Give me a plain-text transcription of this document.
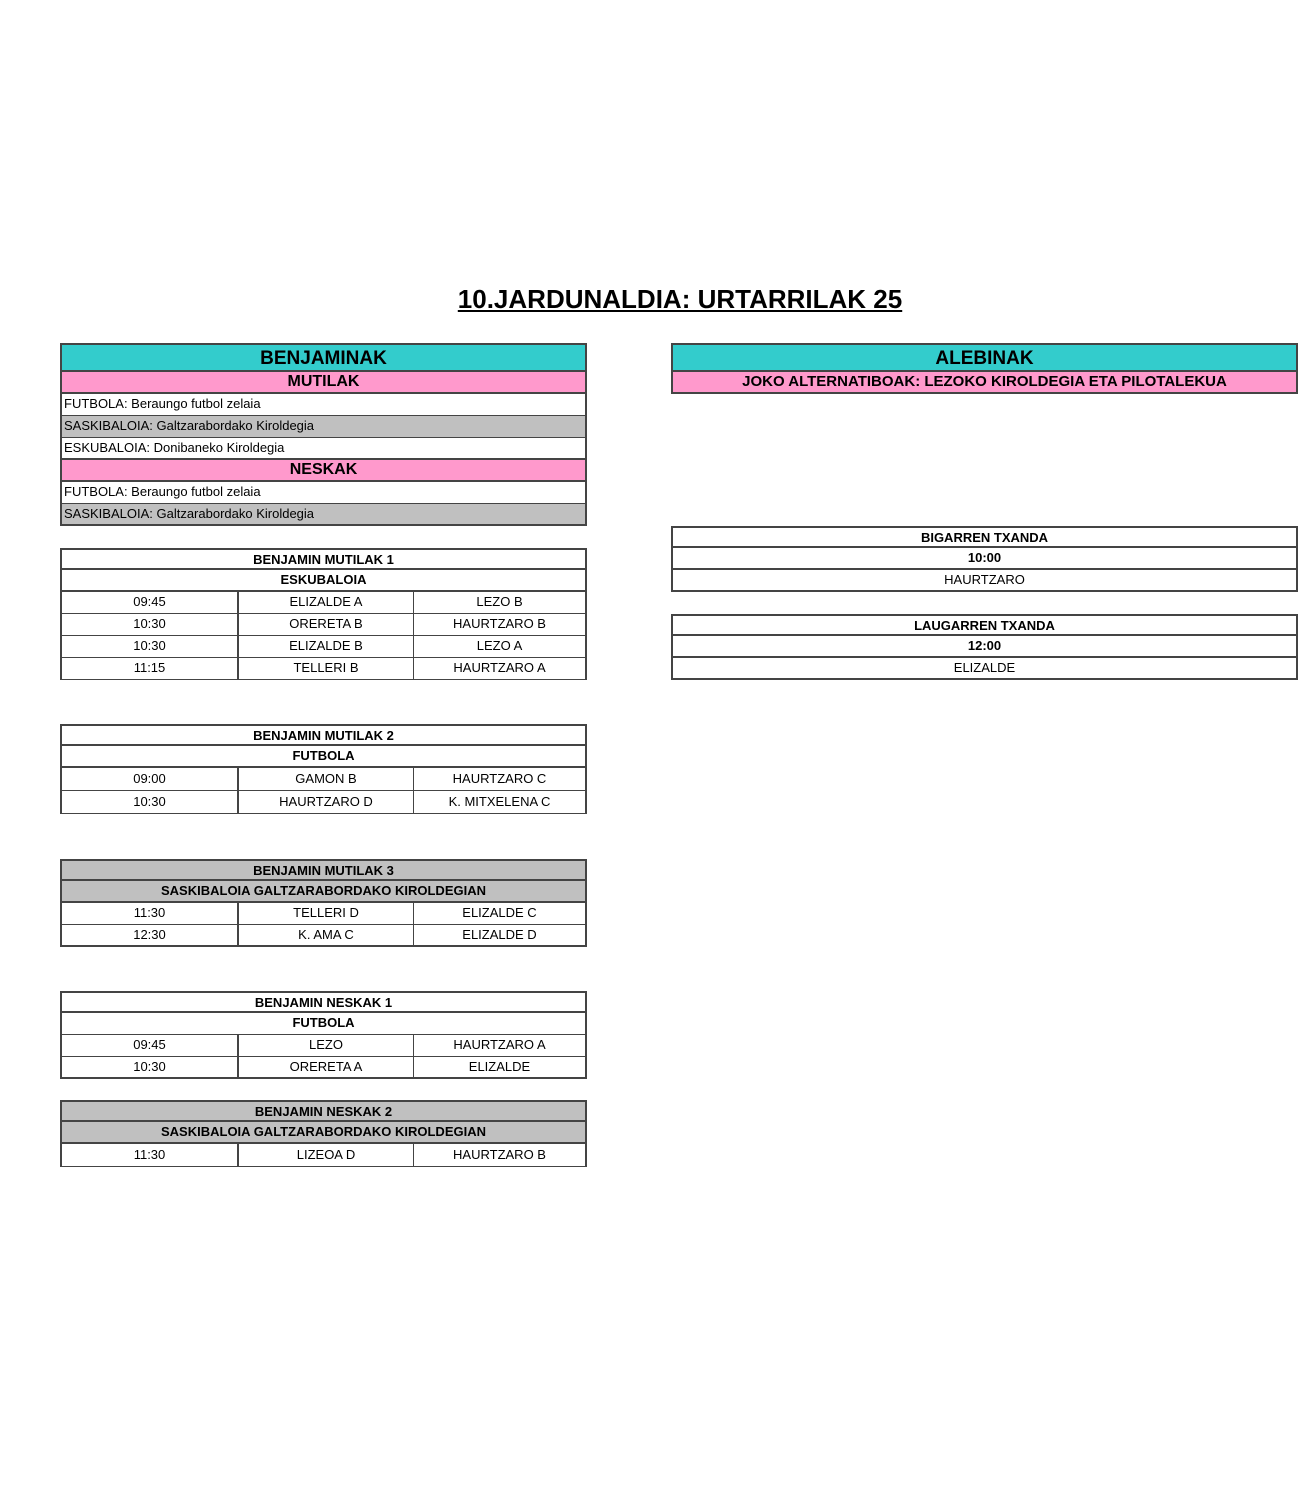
10.JARDUNALDIA: URTARRILAK 25
BENJAMINAK
MUTILAK
FUTBOLA: Beraungo futbol zelaia
SASKIBALOIA: Galtzarabordako Kiroldegia
ESKUBALOIA: Donibaneko Kiroldegia
NESKAK
FUTBOLA: Beraungo futbol zelaia
SASKIBALOIA: Galtzarabordako Kiroldegia
ALEBINAK
JOKO ALTERNATIBOAK: LEZOKO KIROLDEGIA ETA PILOTALEKUA
BIGARREN TXANDA
10:00
HAURTZARO
LAUGARREN TXANDA
12:00
ELIZALDE
BENJAMIN MUTILAK 1
ESKUBALOIA
09:45	ELIZALDE A	LEZO B
10:30	ORERETA B	HAURTZARO B
10:30	ELIZALDE B	LEZO A
11:15	TELLERI B	HAURTZARO A
BENJAMIN MUTILAK 2
FUTBOLA
09:00	GAMON B	HAURTZARO C
10:30	HAURTZARO D	K. MITXELENA C
BENJAMIN MUTILAK 3
SASKIBALOIA GALTZARABORDAKO KIROLDEGIAN
11:30	TELLERI D	ELIZALDE C
12:30	K. AMA C	ELIZALDE D
BENJAMIN NESKAK 1
FUTBOLA
09:45	LEZO	HAURTZARO A
10:30	ORERETA A	ELIZALDE
BENJAMIN NESKAK 2
SASKIBALOIA GALTZARABORDAKO KIROLDEGIAN
11:30	LIZEOA D	HAURTZARO B
